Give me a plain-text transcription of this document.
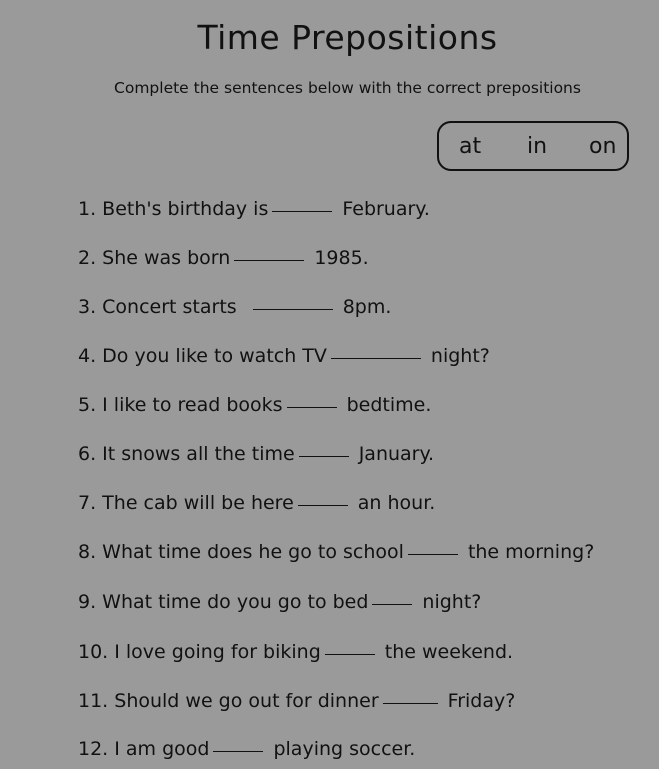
Time Prepositions
Complete the sentences below with the correct prepositions
at in on
1. Beth's birthday is	February.
2. She was born	1985.
3. Concert starts	8pm.
4. Do you like to watch TV	night?
5. I like to read books	bedtime.
6. It snows all the time	January.
7. The cab will be here	an hour.
8. What time does he go to school	the morning?
9. What time do you go to bed	night?
10. I love going for biking	the weekend.
11. Should we go out for dinner	Friday?
12. I am good	playing soccer.
